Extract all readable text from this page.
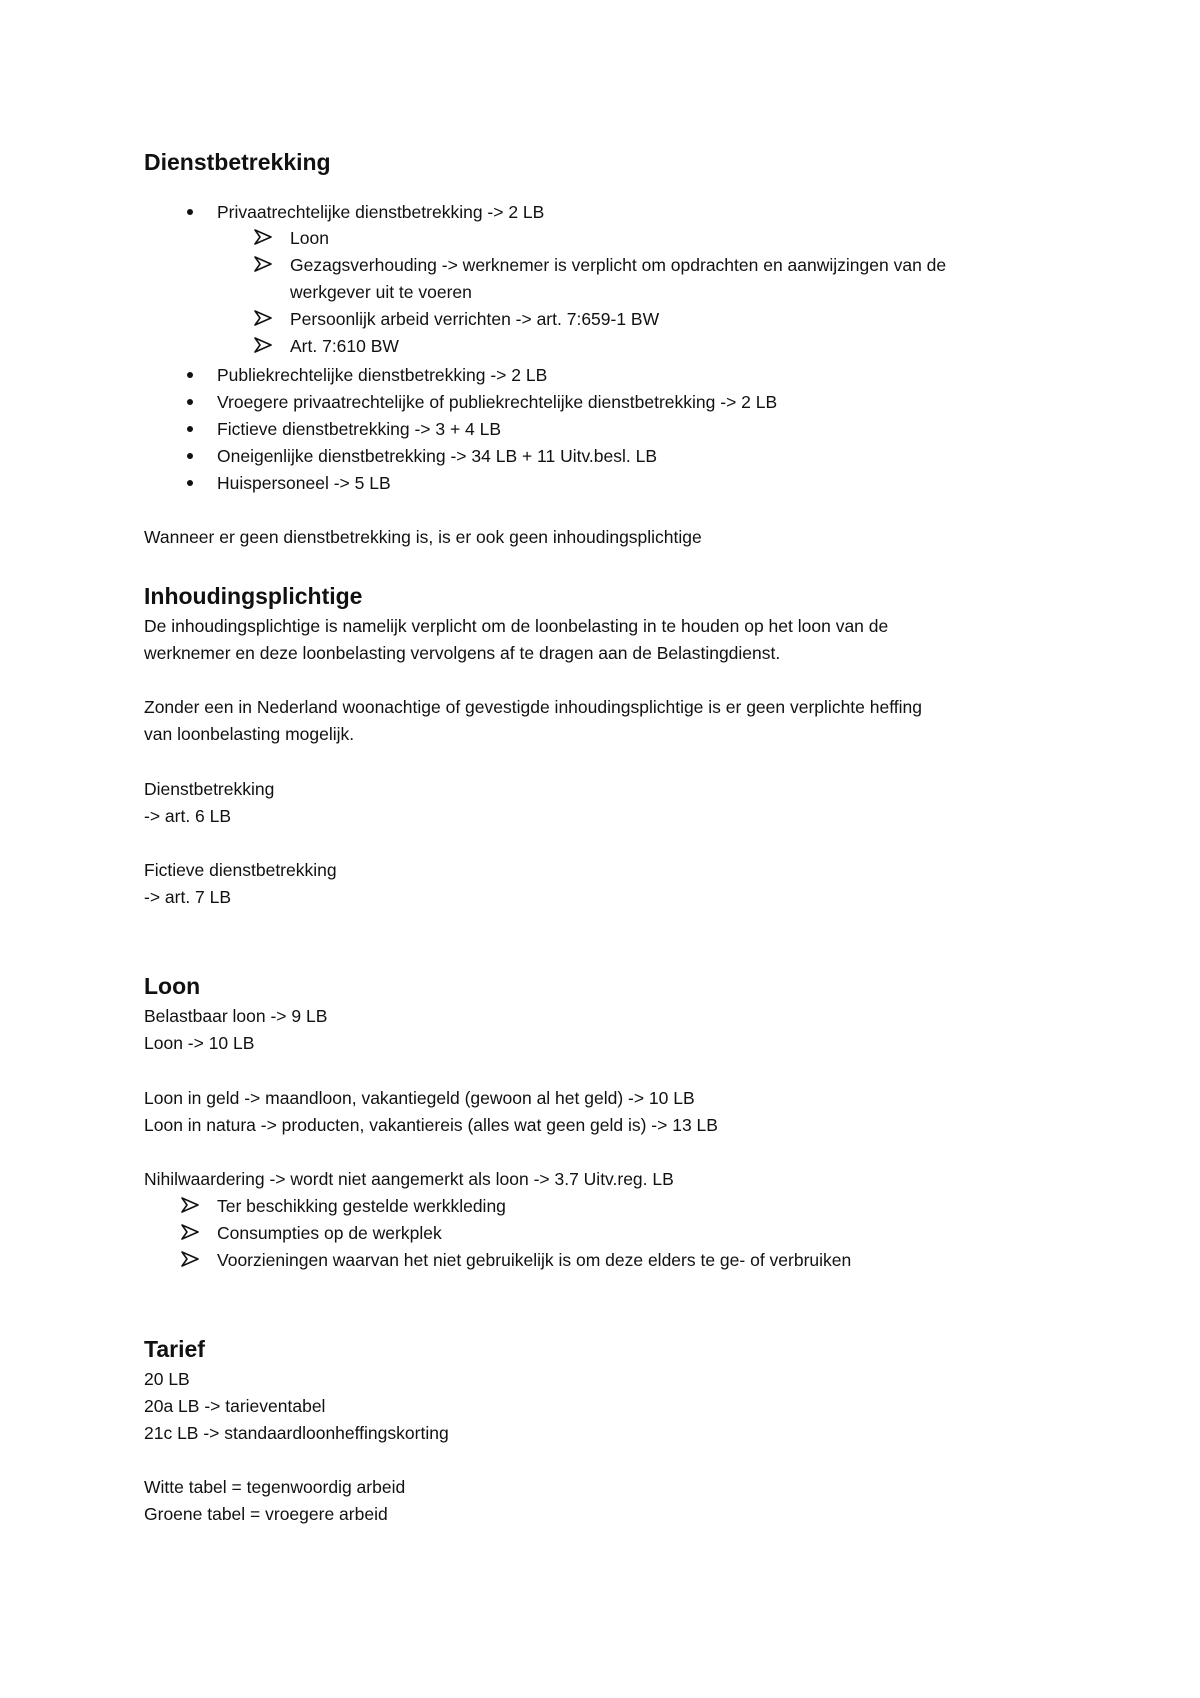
Dienstbetrekking

Privaatrechtelijke dienstbetrekking -> 2 LB

Loon

Gezagsverhouding -> werknemer is verplicht om opdrachten en aanwijzingen van de

werkgever uit te voeren

Persoonlijk arbeid verrichten -> art. 7:659-1 BW

Art. 7:610 BW

Publiekrechtelijke dienstbetrekking -> 2 LB

Vroegere privaatrechtelijke of publiekrechtelijke dienstbetrekking -> 2 LB

Fictieve dienstbetrekking -> 3 + 4 LB

Oneigenlijke dienstbetrekking -> 34 LB + 11 Uitv.besl. LB

Huispersoneel -> 5 LB

Wanneer er geen dienstbetrekking is, is er ook geen inhoudingsplichtige

Inhoudingsplichtige

De inhoudingsplichtige is namelijk verplicht om de loonbelasting in te houden op het loon van de

werknemer en deze loonbelasting vervolgens af te dragen aan de Belastingdienst.

Zonder een in Nederland woonachtige of gevestigde inhoudingsplichtige is er geen verplichte heffing

van loonbelasting mogelijk.

Dienstbetrekking

-> art. 6 LB

Fictieve dienstbetrekking

-> art. 7 LB

Loon

Belastbaar loon -> 9 LB

Loon -> 10 LB

Loon in geld -> maandloon, vakantiegeld (gewoon al het geld) -> 10 LB

Loon in natura -> producten, vakantiereis (alles wat geen geld is) -> 13 LB

Nihilwaardering -> wordt niet aangemerkt als loon -> 3.7 Uitv.reg. LB

Ter beschikking gestelde werkkleding

Consumpties op de werkplek

Voorzieningen waarvan het niet gebruikelijk is om deze elders te ge- of verbruiken

Tarief

20 LB

20a LB -> tarieventabel

21c LB -> standaardloonheffingskorting

Witte tabel = tegenwoordig arbeid

Groene tabel = vroegere arbeid
